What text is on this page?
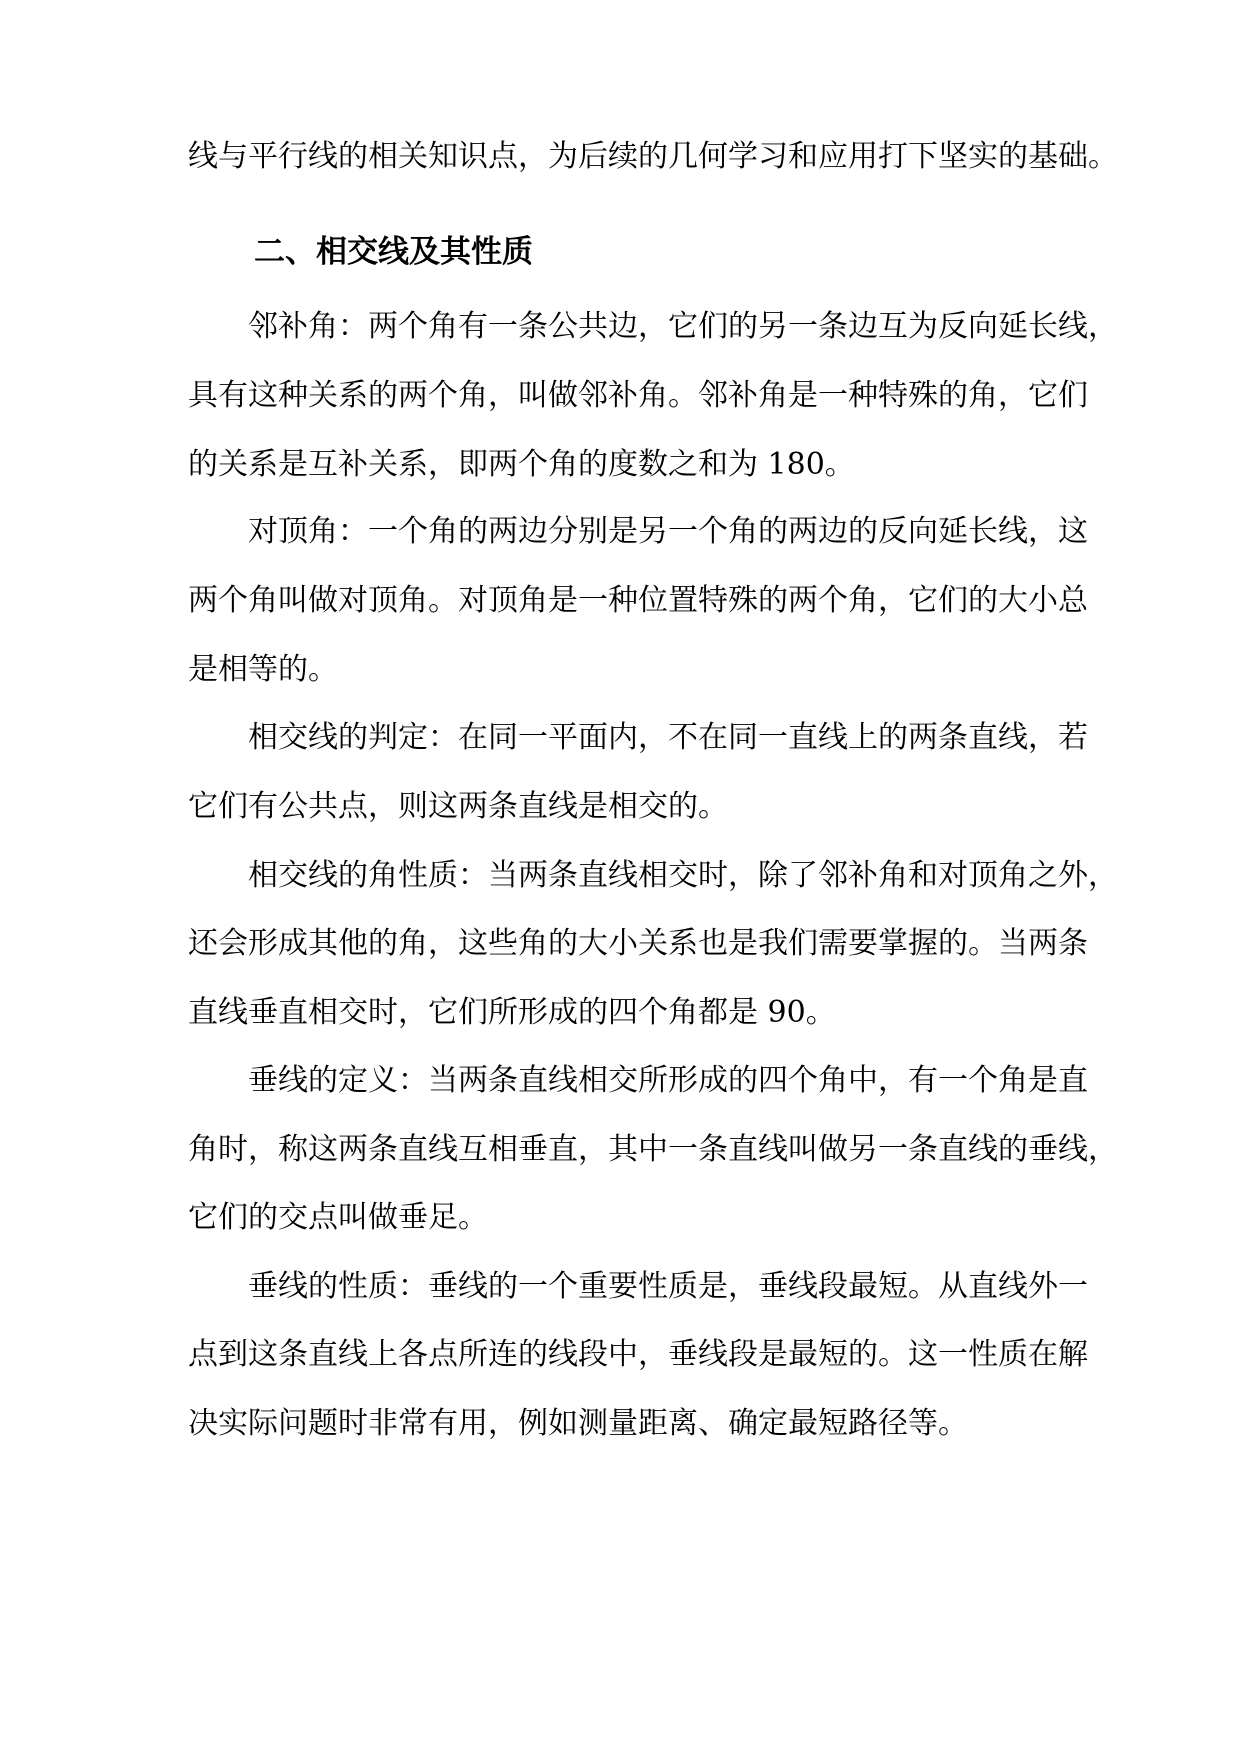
线与平行线的相关知识点，为后续的几何学习和应用打下坚实的基础。

二、相交线及其性质

　　邻补角：两个角有一条公共边，它们的另一条边互为反向延长线，

具有这种关系的两个角，叫做邻补角。邻补角是一种特殊的角，它们

的关系是互补关系，即两个角的度数之和为 180。

　　对顶角：一个角的两边分别是另一个角的两边的反向延长线，这

两个角叫做对顶角。对顶角是一种位置特殊的两个角，它们的大小总

是相等的。

　　相交线的判定：在同一平面内，不在同一直线上的两条直线，若

它们有公共点，则这两条直线是相交的。

　　相交线的角性质：当两条直线相交时，除了邻补角和对顶角之外，

还会形成其他的角，这些角的大小关系也是我们需要掌握的。当两条

直线垂直相交时，它们所形成的四个角都是 90。

　　垂线的定义：当两条直线相交所形成的四个角中，有一个角是直

角时，称这两条直线互相垂直，其中一条直线叫做另一条直线的垂线，

它们的交点叫做垂足。

　　垂线的性质：垂线的一个重要性质是，垂线段最短。从直线外一

点到这条直线上各点所连的线段中，垂线段是最短的。这一性质在解

决实际问题时非常有用，例如测量距离、确定最短路径等。
